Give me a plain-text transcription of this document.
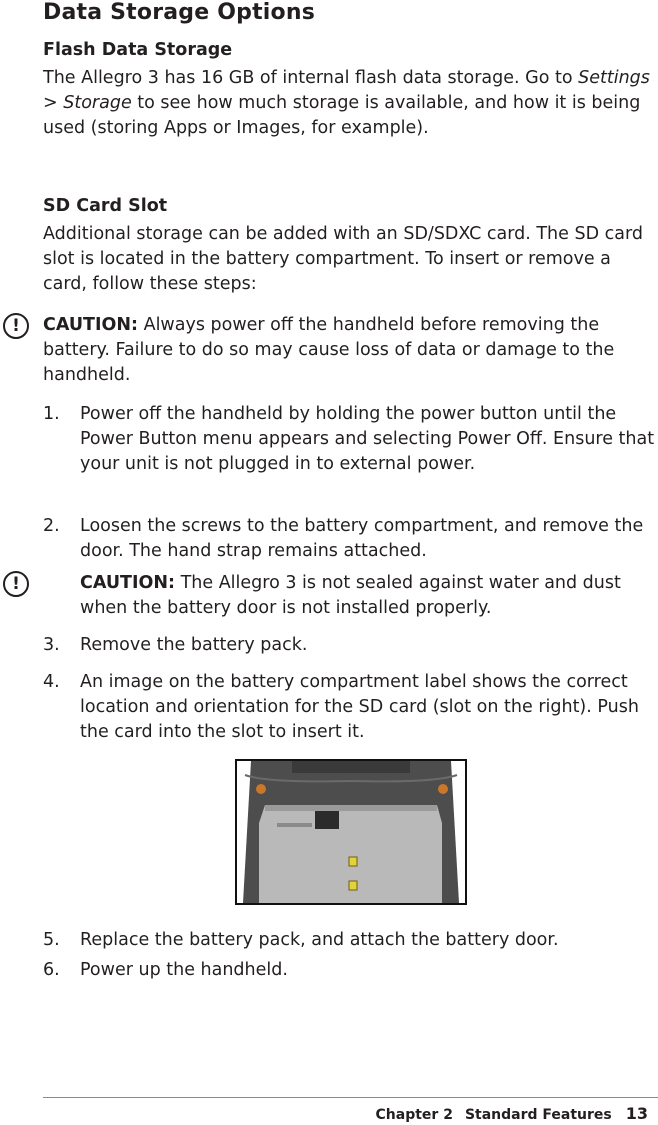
Data Storage Options
Flash Data Storage
The Allegro 3 has 16 GB of internal flash data storage. Go to Settings > Storage to see how much storage is available, and how it is being used (storing Apps or Images, for example).
SD Card Slot
Additional storage can be added with an SD/SDXC card. The SD card slot is located in the battery compartment. To insert or remove a card, follow these steps:
!	CAUTION: Always power off the handheld before removing the battery. Failure to do so may cause loss of data or damage to the handheld.
1. Power off the handheld by holding the power button until the Power Button menu appears and selecting Power Off. Ensure that your unit is not plugged in to external power.
2. Loosen the screws to the battery compartment, and remove the door. The hand strap remains attached.
!	CAUTION: The Allegro 3 is not sealed against water and dust when the battery door is not installed properly.
3. Remove the battery pack.
4. An image on the battery compartment label shows the correct location and orientation for the SD card (slot on the right). Push the card into the slot to insert it.
5. Replace the battery pack, and attach the battery door.
6. Power up the handheld.
Chapter 2 Standard Features 13
